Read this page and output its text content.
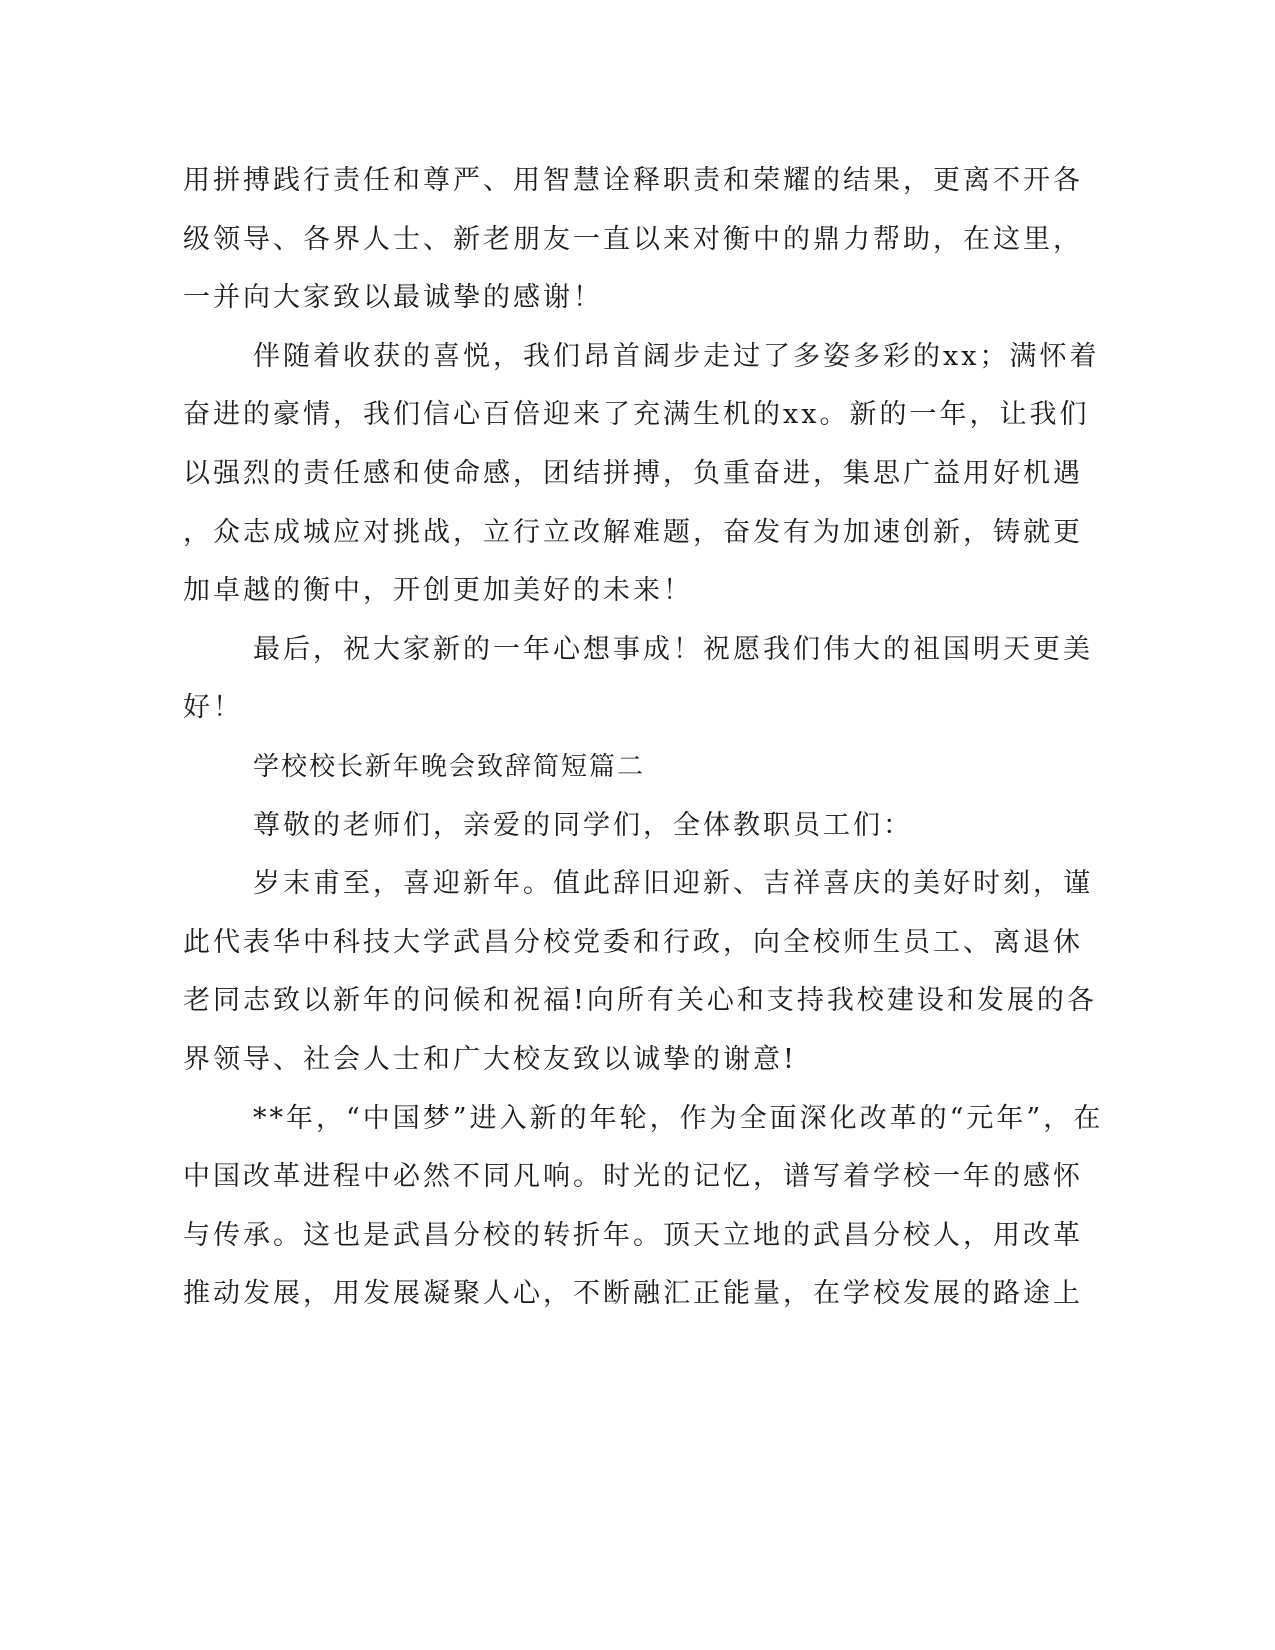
用拼搏践行责任和尊严、用智慧诠释职责和荣耀的结果，更离不开各
级领导、各界人士、新老朋友一直以来对衡中的鼎力帮助，在这里，
一并向大家致以最诚挚的感谢！
伴随着收获的喜悦，我们昂首阔步走过了多姿多彩的xx；满怀着
奋进的豪情，我们信心百倍迎来了充满生机的xx。新的一年，让我们
以强烈的责任感和使命感，团结拼搏，负重奋进，集思广益用好机遇
，众志成城应对挑战，立行立改解难题，奋发有为加速创新，铸就更
加卓越的衡中，开创更加美好的未来！
最后，祝大家新的一年心想事成！祝愿我们伟大的祖国明天更美
好！
学校校长新年晚会致辞简短篇二
尊敬的老师们，亲爱的同学们，全体教职员工们：
岁末甫至，喜迎新年。值此辞旧迎新、吉祥喜庆的美好时刻，谨
此代表华中科技大学武昌分校党委和行政，向全校师生员工、离退休
老同志致以新年的问候和祝福!向所有关心和支持我校建设和发展的各
界领导、社会人士和广大校友致以诚挚的谢意!
**年，“中国梦”进入新的年轮，作为全面深化改革的“元年”，在
中国改革进程中必然不同凡响。时光的记忆，谱写着学校一年的感怀
与传承。这也是武昌分校的转折年。顶天立地的武昌分校人，用改革
推动发展，用发展凝聚人心，不断融汇正能量，在学校发展的路途上
